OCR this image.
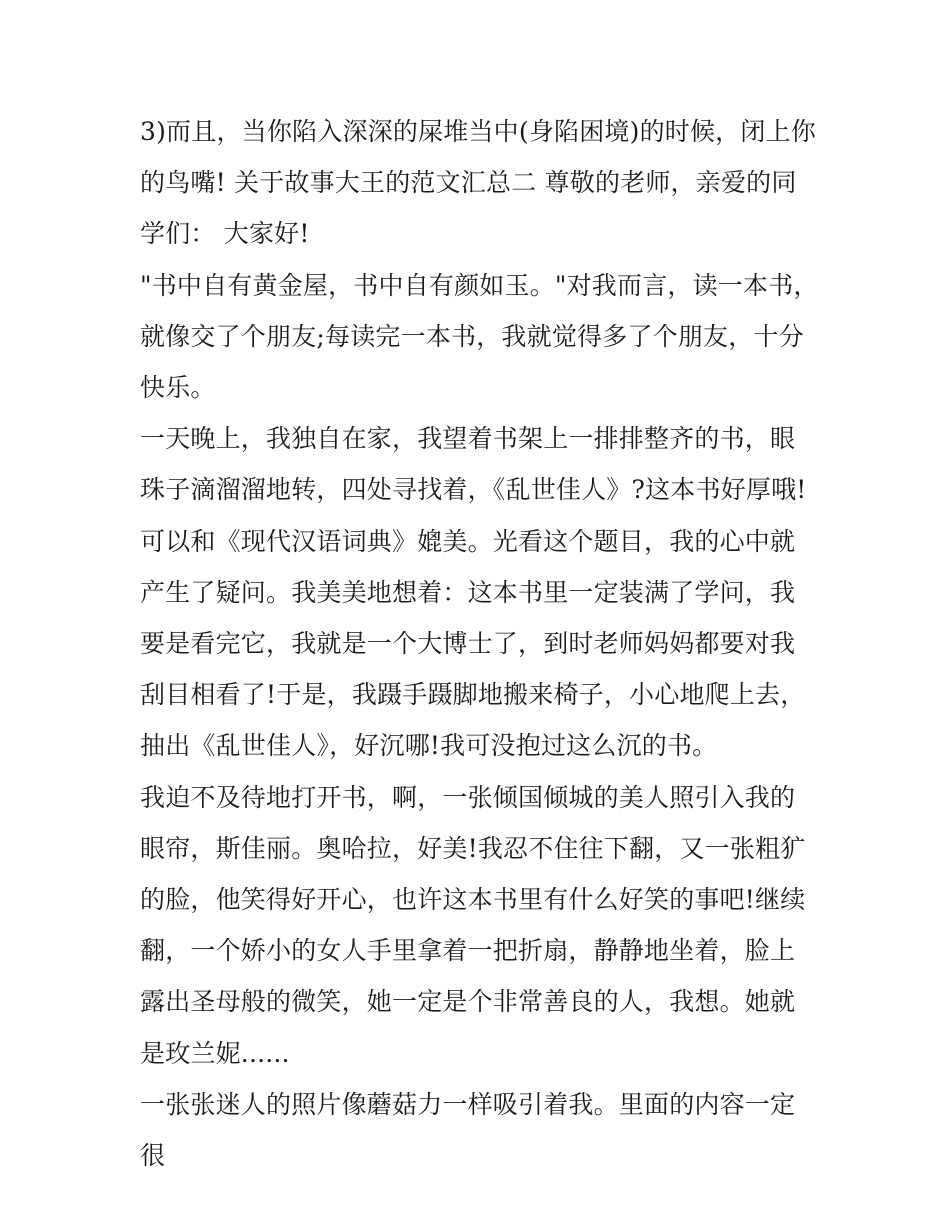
3)而且，当你陷入深深的屎堆当中(身陷困境)的时候，闭上你的鸟嘴! 关于故事大王的范文汇总二 尊敬的老师，亲爱的同学们： 大家好!

"书中自有黄金屋，书中自有颜如玉。"对我而言，读一本书，就像交了个朋友;每读完一本书，我就觉得多了个朋友，十分快乐。

一天晚上，我独自在家，我望着书架上一排排整齐的书，眼珠子滴溜溜地转，四处寻找着，《乱世佳人》?这本书好厚哦!可以和《现代汉语词典》媲美。光看这个题目，我的心中就产生了疑问。我美美地想着：这本书里一定装满了学问，我要是看完它，我就是一个大博士了，到时老师妈妈都要对我刮目相看了!于是，我蹑手蹑脚地搬来椅子，小心地爬上去，抽出《乱世佳人》，好沉哪!我可没抱过这么沉的书。

我迫不及待地打开书，啊，一张倾国倾城的美人照引入我的眼帘，斯佳丽。奥哈拉，好美!我忍不住往下翻，又一张粗犷的脸，他笑得好开心，也许这本书里有什么好笑的事吧!继续翻，一个娇小的女人手里拿着一把折扇，静静地坐着，脸上露出圣母般的微笑，她一定是个非常善良的人，我想。她就是玫兰妮......

一张张迷人的照片像蘑菇力一样吸引着我。里面的内容一定很
